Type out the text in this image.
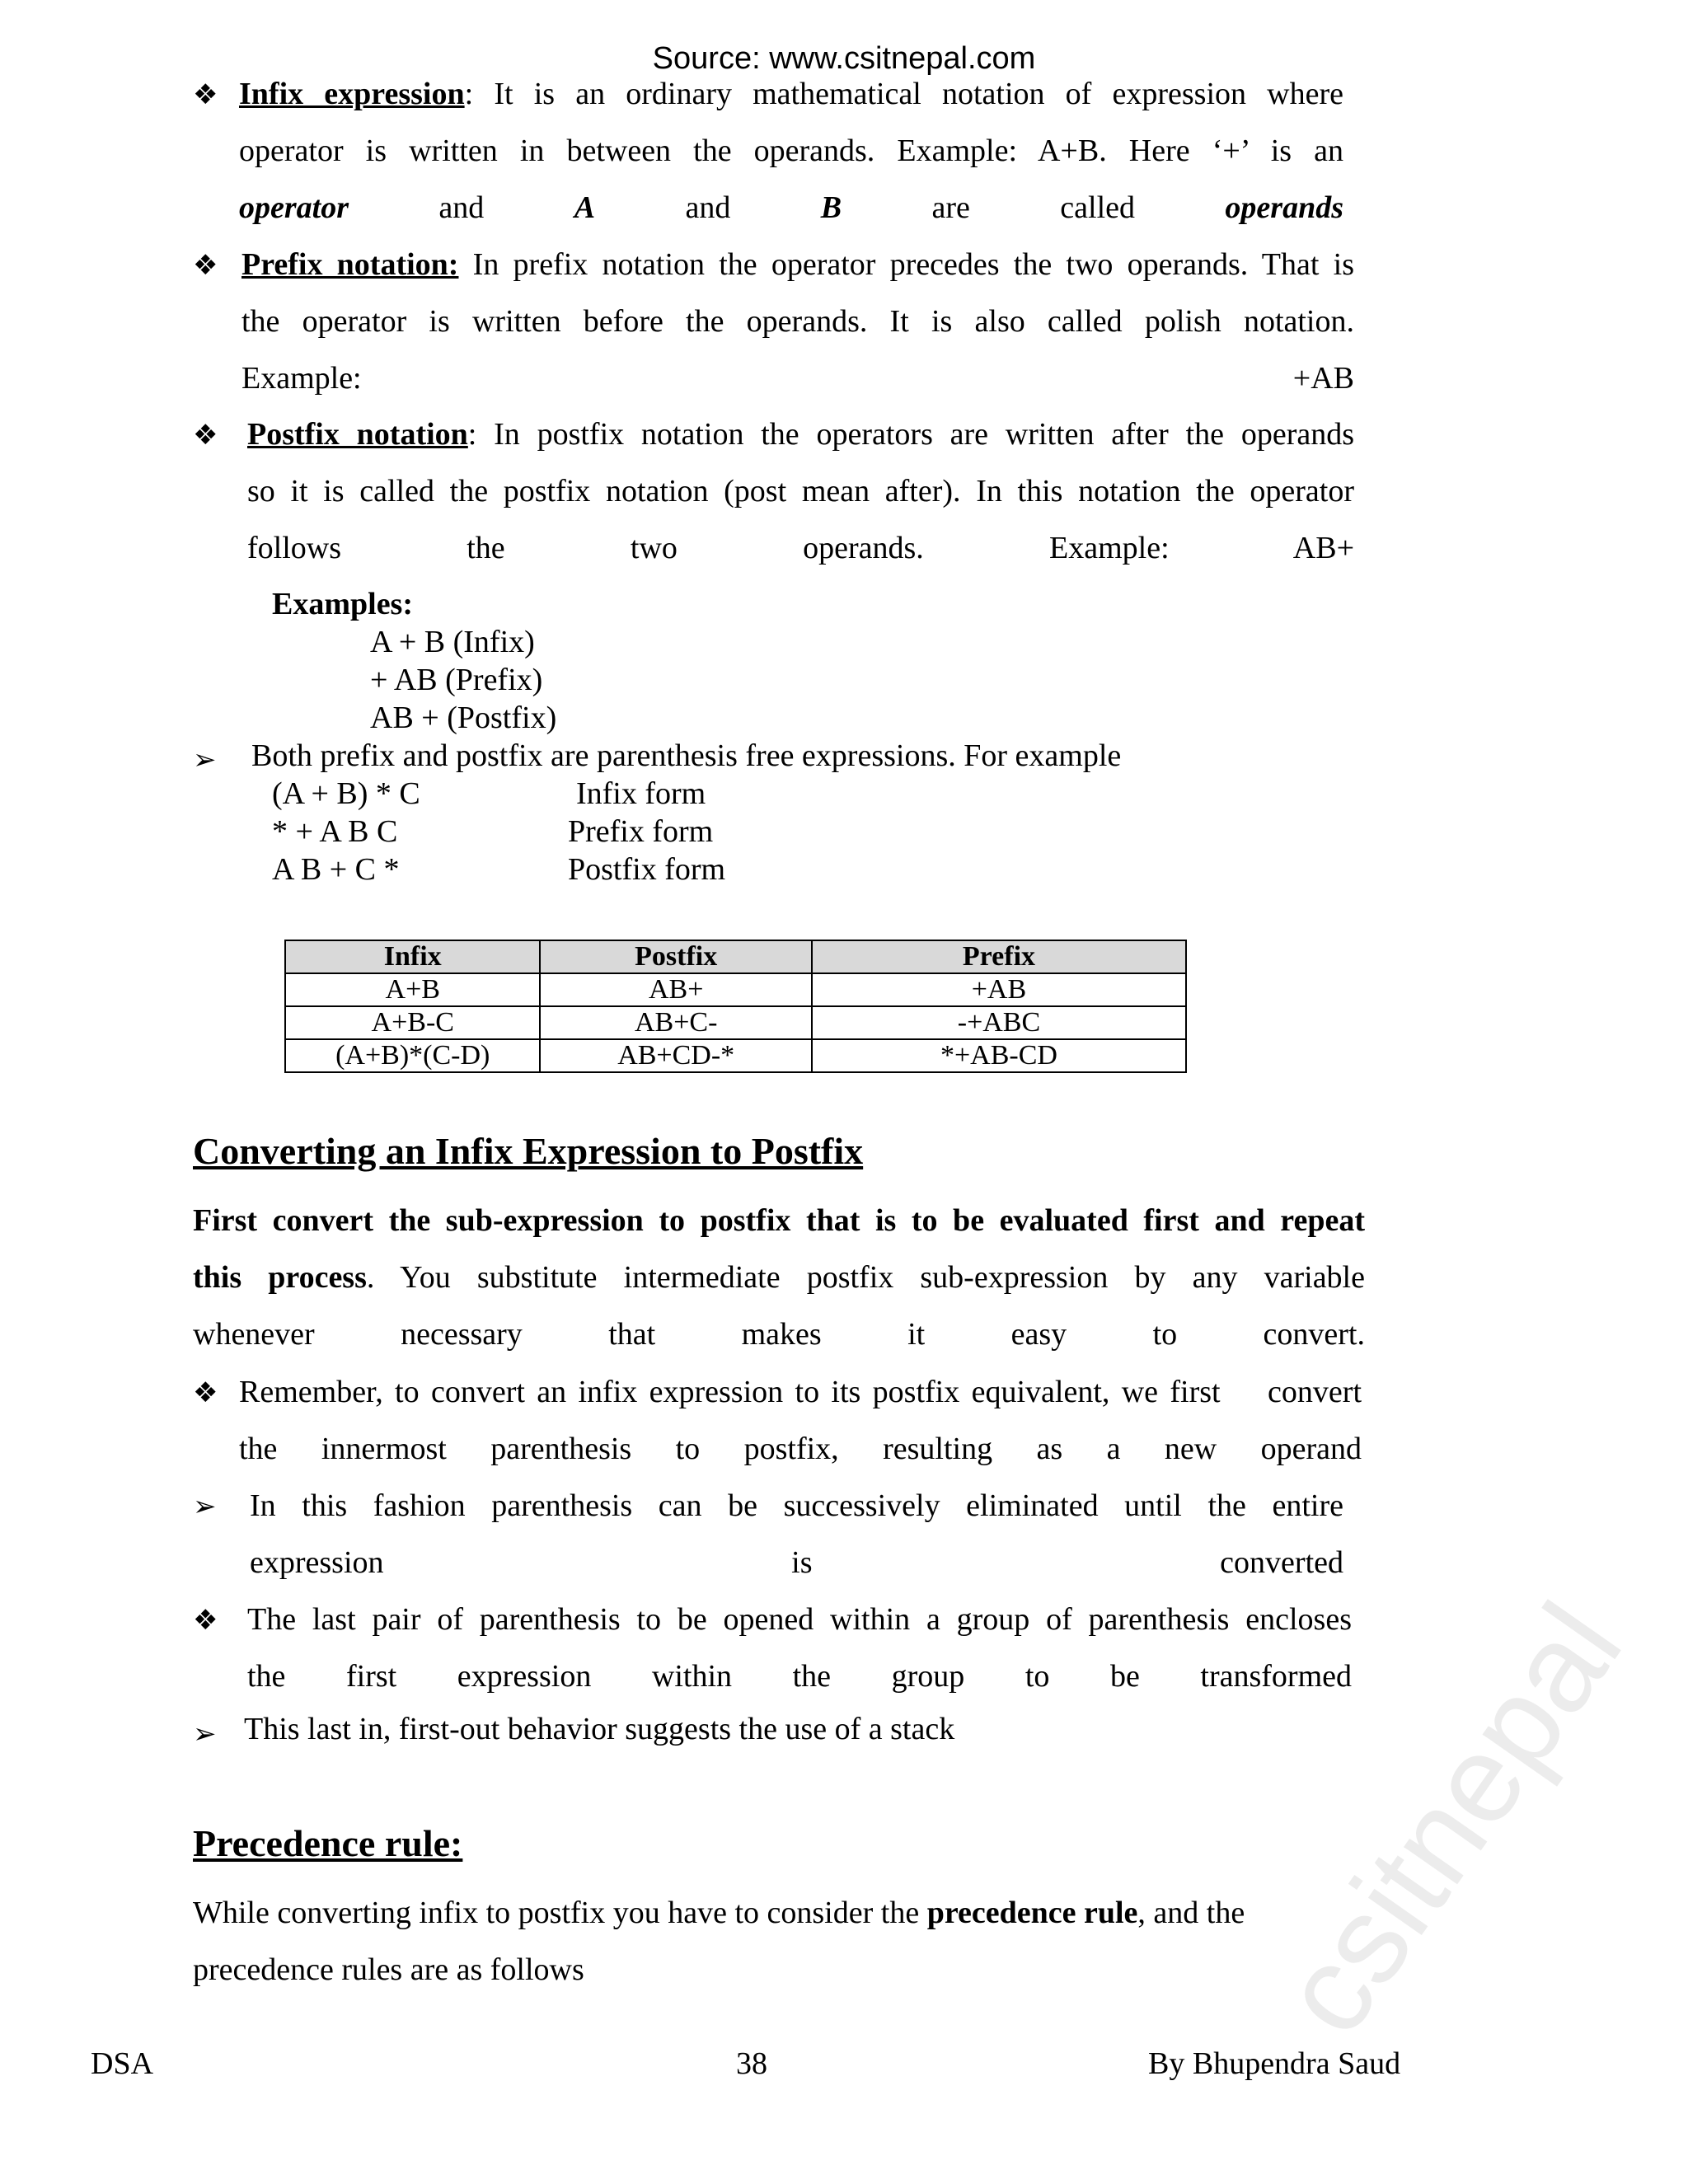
Source: www.csitnepal.com
❖ Infix expression: It is an ordinary mathematical notation of expression where
operator is written in between the operands. Example: A+B. Here ‘+’ is an
operator and A and B are called operands
❖ Prefix notation: In prefix notation the operator precedes the two operands. That is
the operator is written before the operands. It is also called polish notation.
Example: +AB
❖ Postfix notation: In postfix notation the operators are written after the operands
so it is called the postfix notation (post mean after). In this notation the operator
follows the two operands. Example: AB+
Examples:
A + B (Infix)
+ AB (Prefix)
AB + (Postfix)
➢ Both prefix and postfix are parenthesis free expressions. For example
(A + B) * C	Infix form
* + A B C	Prefix form
A B + C *	Postfix form
Infix	Postfix	Prefix
A+B	AB+	+AB
A+B-C	AB+C-	-+ABC
(A+B)*(C-D)	AB+CD-*	*+AB-CD
Converting an Infix Expression to Postfix
First convert the sub-expression to postfix that is to be evaluated first and repeat
this process. You substitute intermediate postfix sub-expression by any variable
whenever necessary that makes it easy to convert.
❖ Remember, to convert an infix expression to its postfix equivalent, we first    convert
the innermost parenthesis to postfix, resulting as a new operand
➢ In this fashion parenthesis can be successively eliminated until the entire
expression is converted
❖ The last pair of parenthesis to be opened within a group of parenthesis encloses
the first expression within the group to be transformed
➢ This last in, first-out behavior suggests the use of a stack
Precedence rule:
While converting infix to postfix you have to consider the precedence rule, and the
precedence rules are as follows	csitnepal
DSA	38	By Bhupendra Saud
